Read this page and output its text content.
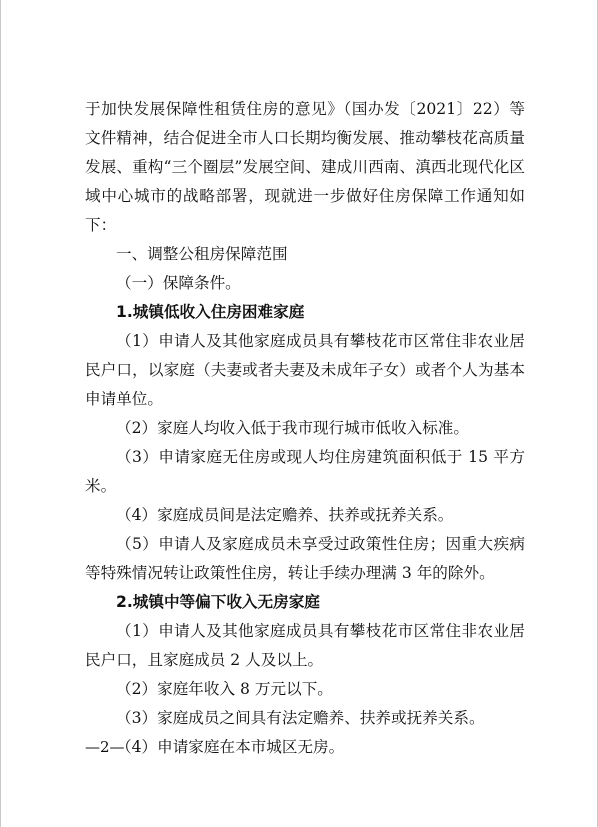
于加快发展保障性租赁住房的意见》（国办发〔2021〕22）等文件精神，结合促进全市人口长期均衡发展、推动攀枝花高质量发展、重构“三个圈层”发展空间、建成川西南、滇西北现代化区域中心城市的战略部署，现就进一步做好住房保障工作通知如下：

一、调整公租房保障范围

（一）保障条件。

1.城镇低收入住房困难家庭

（1）申请人及其他家庭成员具有攀枝花市区常住非农业居民户口，以家庭（夫妻或者夫妻及未成年子女）或者个人为基本申请单位。

（2）家庭人均收入低于我市现行城市低收入标准。

（3）申请家庭无住房或现人均住房建筑面积低于 15 平方米。

（4）家庭成员间是法定赡养、扶养或抚养关系。

（5）申请人及家庭成员未享受过政策性住房；因重大疾病等特殊情况转让政策性住房，转让手续办理满 3 年的除外。

2.城镇中等偏下收入无房家庭

（1）申请人及其他家庭成员具有攀枝花市区常住非农业居民户口，且家庭成员 2 人及以上。

（2）家庭年收入 8 万元以下。

（3）家庭成员之间具有法定赡养、扶养或抚养关系。

（4）申请家庭在本市城区无房。

—2—
